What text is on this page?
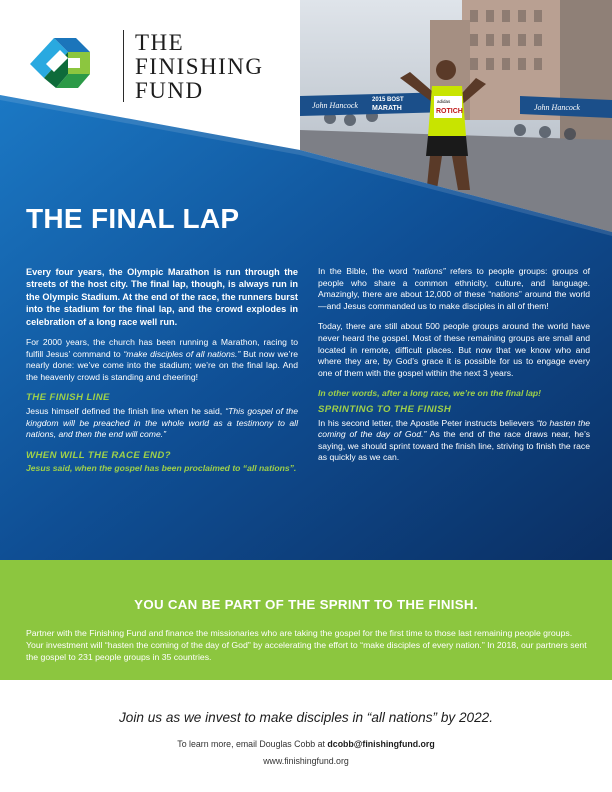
THE
FINISHING
FUND
John Hancock
2015 BOST
MARATH	John Hancock
adidas
ROTICH
THE FINAL LAP

Every four years, the Olympic Marathon is run through the streets of the host city. The final lap, though, is always run in the Olympic Stadium. At the end of the race, the runners burst into the stadium for the final lap, and the crowd explodes in celebration of a long race well run.

For 2000 years, the church has been running a Marathon, racing to fulfill Jesus’ command to “make disciples of all nations.” But now we’re nearly done: we’ve come into the stadium; we’re on the final lap. And the heavenly crowd is standing and cheering!

THE FINISH LINE

Jesus himself defined the finish line when he said, “This gospel of the kingdom will be preached in the whole world as a testimony to all nations, and then the end will come.”

WHEN WILL THE RACE END?

Jesus said, when the gospel has been proclaimed to “all nations”.

In the Bible, the word “nations” refers to people groups: groups of people who share a common ethnicity, culture, and language. Amazingly, there are about 12,000 of these “nations” around the world—and Jesus commanded us to make disciples in all of them!

Today, there are still about 500 people groups around the world have never heard the gospel. Most of these remaining groups are small and located in remote, difficult places. But now that we know who and where they are, by God’s grace it is possible for us to engage every one of them with the gospel within the next 3 years.

In other words, after a long race, we’re on the final lap!

SPRINTING TO THE FINISH

In his second letter, the Apostle Peter instructs believers “to hasten the coming of the day of God.” As the end of the race draws near, he’s saying, we should sprint toward the finish line, striving to finish the race as quickly as we can.

YOU CAN BE PART OF THE SPRINT TO THE FINISH.
Partner with the Finishing Fund and finance the missionaries who are taking the gospel for the first time to those last remaining people groups. Your investment will “hasten the coming of the day of God” by accelerating the effort to “make disciples of every nation.” In 2018, our partners sent the gospel to 231 people groups in 35 countries.
Join us as we invest to make disciples in “all nations” by 2022.
To learn more, email Douglas Cobb at dcobb@finishingfund.org
www.finishingfund.org
